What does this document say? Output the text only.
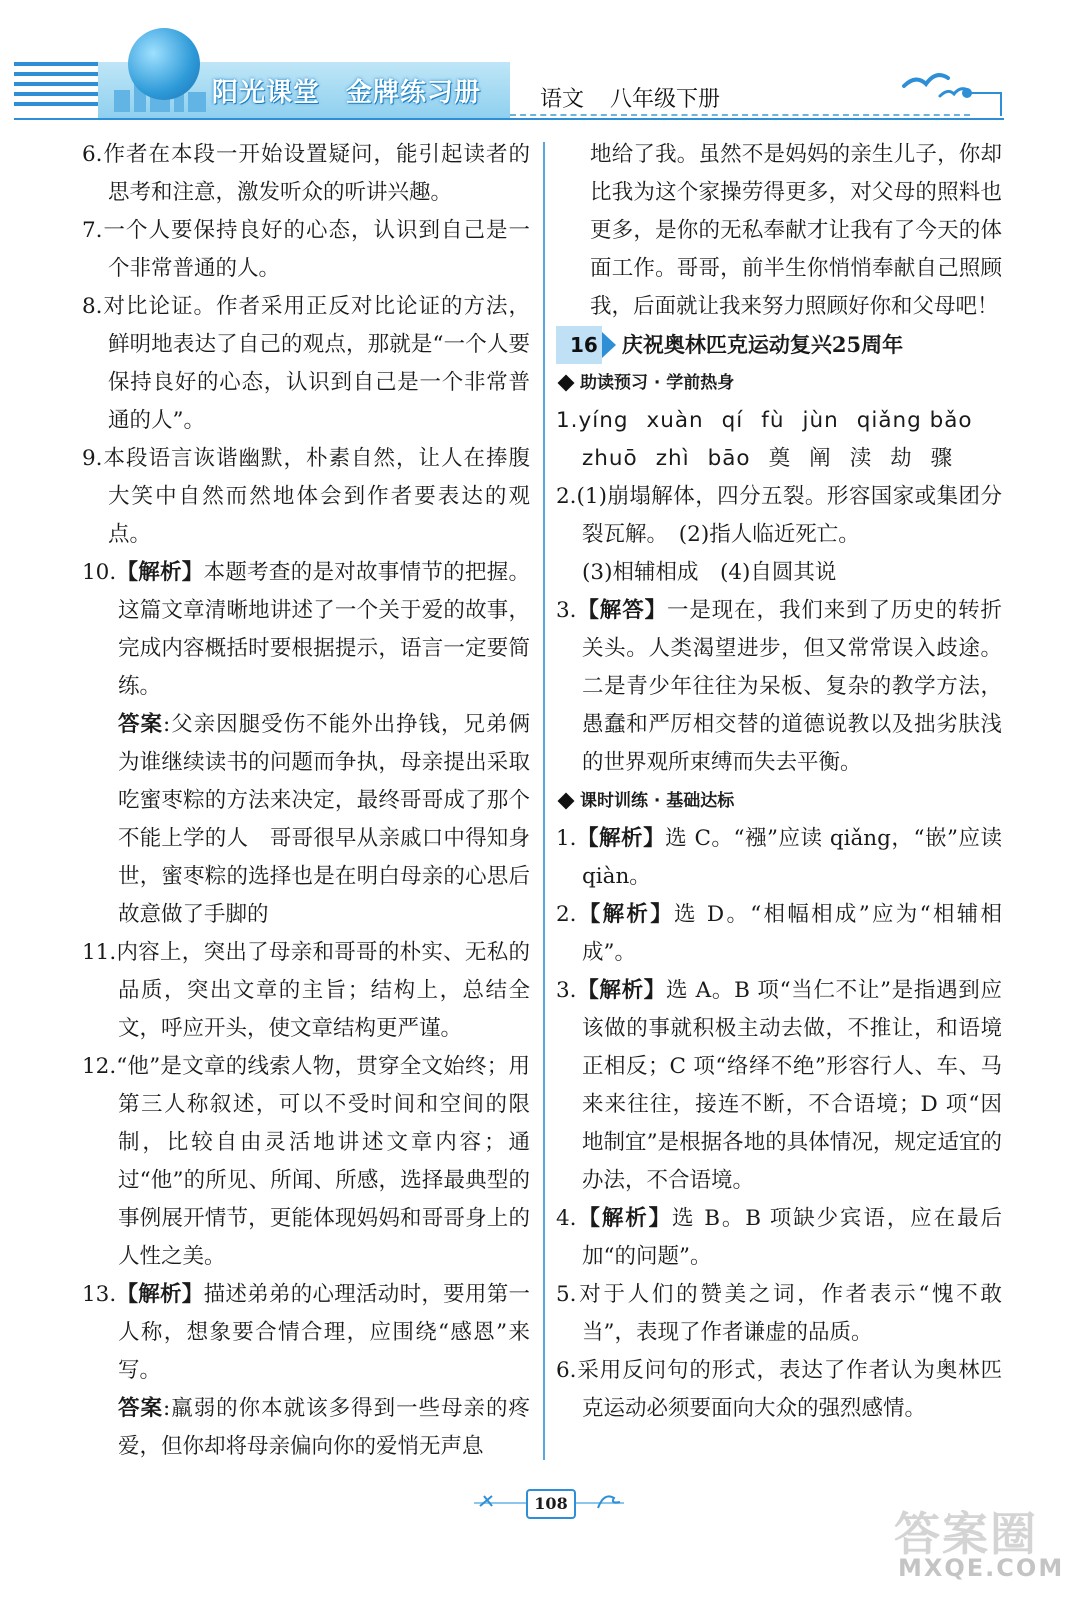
阳光课堂 金牌练习册	语文 八年级下册

6.作者在本段一开始设置疑问，能引起读者的思考和注意，激发听众的听讲兴趣。

7.一个人要保持良好的心态，认识到自己是一个非常普通的人。

8.对比论证。作者采用正反对比论证的方法，鲜明地表达了自己的观点，那就是“一个人要保持良好的心态，认识到自己是一个非常普通的人”。

9.本段语言诙谐幽默，朴素自然，让人在捧腹大笑中自然而然地体会到作者要表达的观点。

10.【解析】本题考查的是对故事情节的把握。这篇文章清晰地讲述了一个关于爱的故事，完成内容概括时要根据提示，语言一定要简练。

答案:父亲因腿受伤不能外出挣钱，兄弟俩为谁继续读书的问题而争执，母亲提出采取吃蜜枣粽的方法来决定，最终哥哥成了那个不能上学的人　哥哥很早从亲戚口中得知身世，蜜枣粽的选择也是在明白母亲的心思后故意做了手脚的

11.内容上，突出了母亲和哥哥的朴实、无私的品质，突出文章的主旨；结构上，总结全文，呼应开头，使文章结构更严谨。

12.“他”是文章的线索人物，贯穿全文始终；用第三人称叙述，可以不受时间和空间的限制，比较自由灵活地讲述文章内容；通过“他”的所见、所闻、所感，选择最典型的事例展开情节，更能体现妈妈和哥哥身上的人性之美。

13.【解析】描述弟弟的心理活动时，要用第一人称，想象要合情合理，应围绕“感恩”来写。

答案:羸弱的你本就该多得到一些母亲的疼爱，但你却将母亲偏向你的爱悄无声息

地给了我。虽然不是妈妈的亲生儿子，你却比我为这个家操劳得更多，对父母的照料也更多，是你的无私奉献才让我有了今天的体面工作。哥哥，前半生你悄悄奉献自己照顾我，后面就让我来努力照顾好你和父母吧！

16 庆祝奥林匹克运动复兴25周年
助读预习 · 学前热身

1.yíng xuàn qí fù jùn qiǎng bǎo

zhuō zhì bāo 奠 阐 渎 劫 骤

2.(1)崩塌解体，四分五裂。形容国家或集团分裂瓦解。　(2)指人临近死亡。

(3)相辅相成　(4)自圆其说

3.【解答】一是现在，我们来到了历史的转折关头。人类渴望进步，但又常常误入歧途。二是青少年往往为呆板、复杂的教学方法，愚蠢和严厉相交替的道德说教以及拙劣肤浅的世界观所束缚而失去平衡。

课时训练 · 基础达标

1.【解析】选 C。“襁”应读 qiǎng，“嵌”应读 qiàn。

2.【解析】选 D。“相幅相成”应为“相辅相成”。

3.【解析】选 A。B 项“当仁不让”是指遇到应该做的事就积极主动去做，不推让，和语境正相反；C 项“络绎不绝”形容行人、车、马来来往往，接连不断，不合语境；D 项“因地制宜”是根据各地的具体情况，规定适宜的办法，不合语境。

4.【解析】选 B。B 项缺少宾语，应在最后加“的问题”。

5.对于人们的赞美之词，作者表示“愧不敢当”，表现了作者谦虚的品质。

6.采用反问句的形式，表达了作者认为奥林匹克运动必须要面向大众的强烈感情。

108
答案圈
MXQE.COM
